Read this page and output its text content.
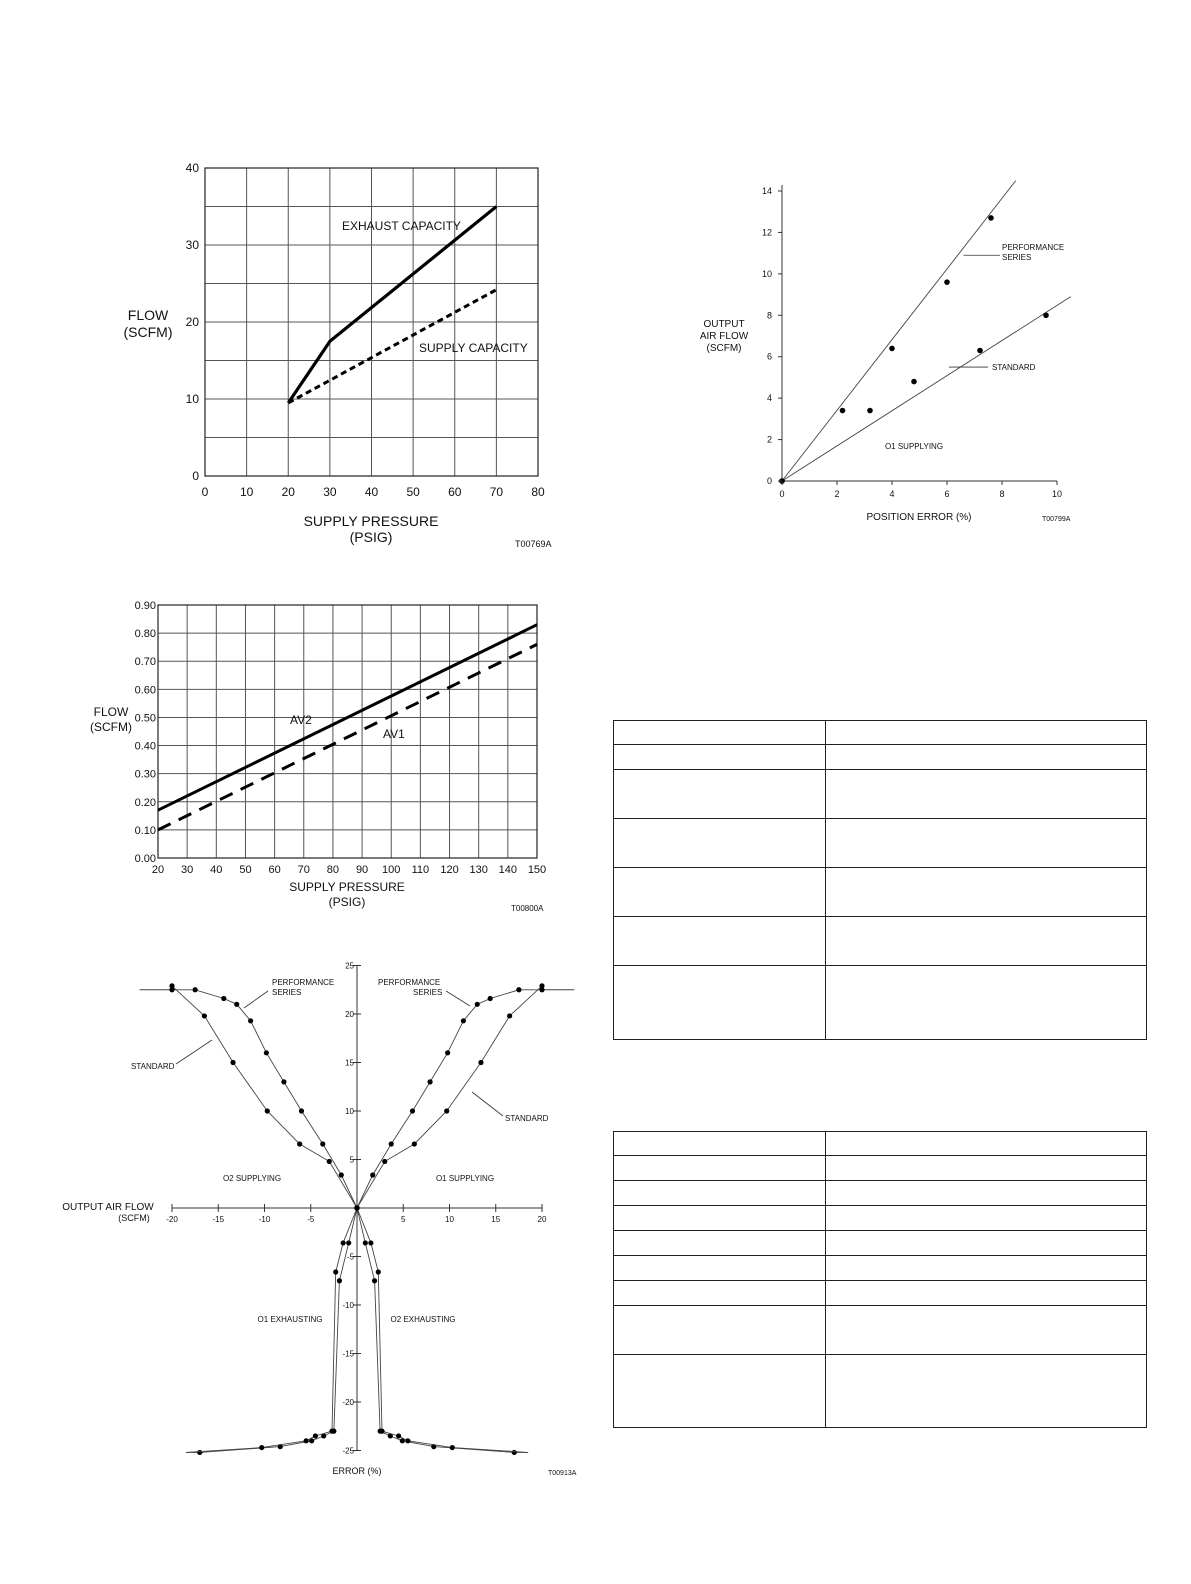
0	10 20 30 40 50 60 70 80
0
10
20
30
40
FLOW
(SCFM)
SUPPLY PRESSURE
(PSIG)	T00769A
EXHAUST CAPACITY
SUPPLY CAPACITY
0	2	4	6	8	10
0
2
4
6
8
10
12
14
OUTPUT
AIR FLOW
(SCFM)
POSITION ERROR (%)	T00799A
O1 SUPPLYING
PERFORMANCE SERIES
STANDARD
20 30 40 50 60 70 80 90 100 110 120 130 140 150
0.00
0.10
0.20
0.30
0.40
0.50
0.60
0.70
0.80
0.90
FLOW
(SCFM)
SUPPLY PRESSURE
(PSIG)	T00800A
AV2
AV1
-20	-15	-10	-5	5	10	15	20
25
20
15
10
5
-5
-10
-15
-20
-25
OUTPUT AIR FLOW
(SCFM)
ERROR (%)	T00913A
O2 SUPPLYING	O1 SUPPLYING
O1 EXHAUSTING	O2 EXHAUSTING
PERFORMANCE SERIES
PERFORMANCE SERIES
STANDARD
STANDARD
